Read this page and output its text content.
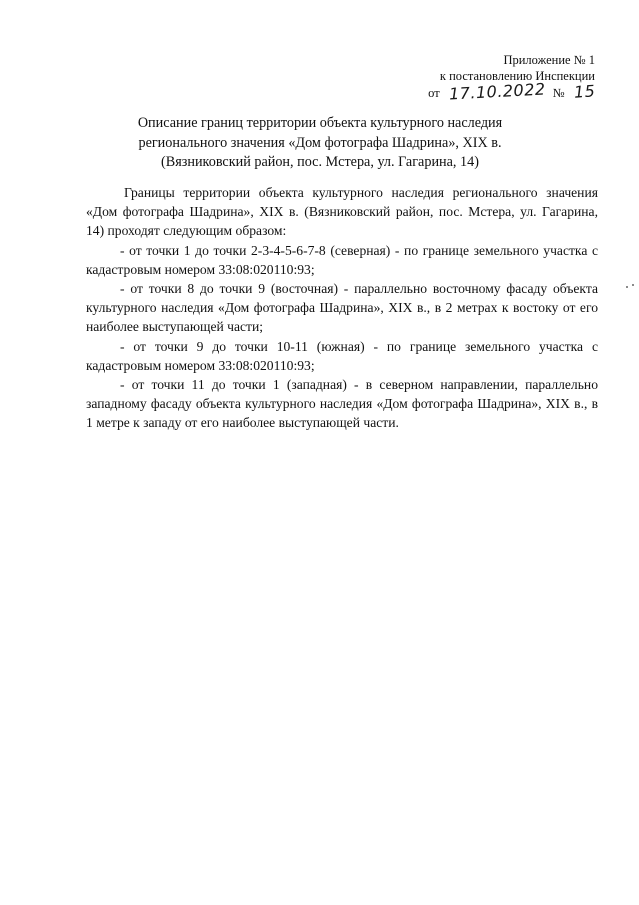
Приложение № 1
к постановлению Инспекции
от 17.10.2022 № 15
Описание границ территории объекта культурного наследия
регионального значения «Дом фотографа Шадрина», XIX в.
(Вязниковский район, пос. Мстера, ул. Гагарина, 14)

Границы территории объекта культурного наследия регионального значения «Дом фотографа Шадрина», XIX в. (Вязниковский район, пос. Мстера, ул. Гагарина, 14) проходят следующим образом:

- от точки 1 до точки 2-3-4-5-6-7-8 (северная) - по границе земельного участка с кадастровым номером 33:08:020110:93;

- от точки 8 до точки 9 (восточная) - параллельно восточному фасаду объекта культурного наследия «Дом фотографа Шадрина», XIX в., в 2 метрах к востоку от его наиболее выступающей части;

- от точки 9 до точки 10-11 (южная) - по границе земельного участка с кадастровым номером 33:08:020110:93;

- от точки 11 до точки 1 (западная) - в северном направлении, параллельно западному фасаду объекта культурного наследия «Дом фотографа Шадрина», XIX в., в 1 метре к западу от его наиболее выступающей части.
